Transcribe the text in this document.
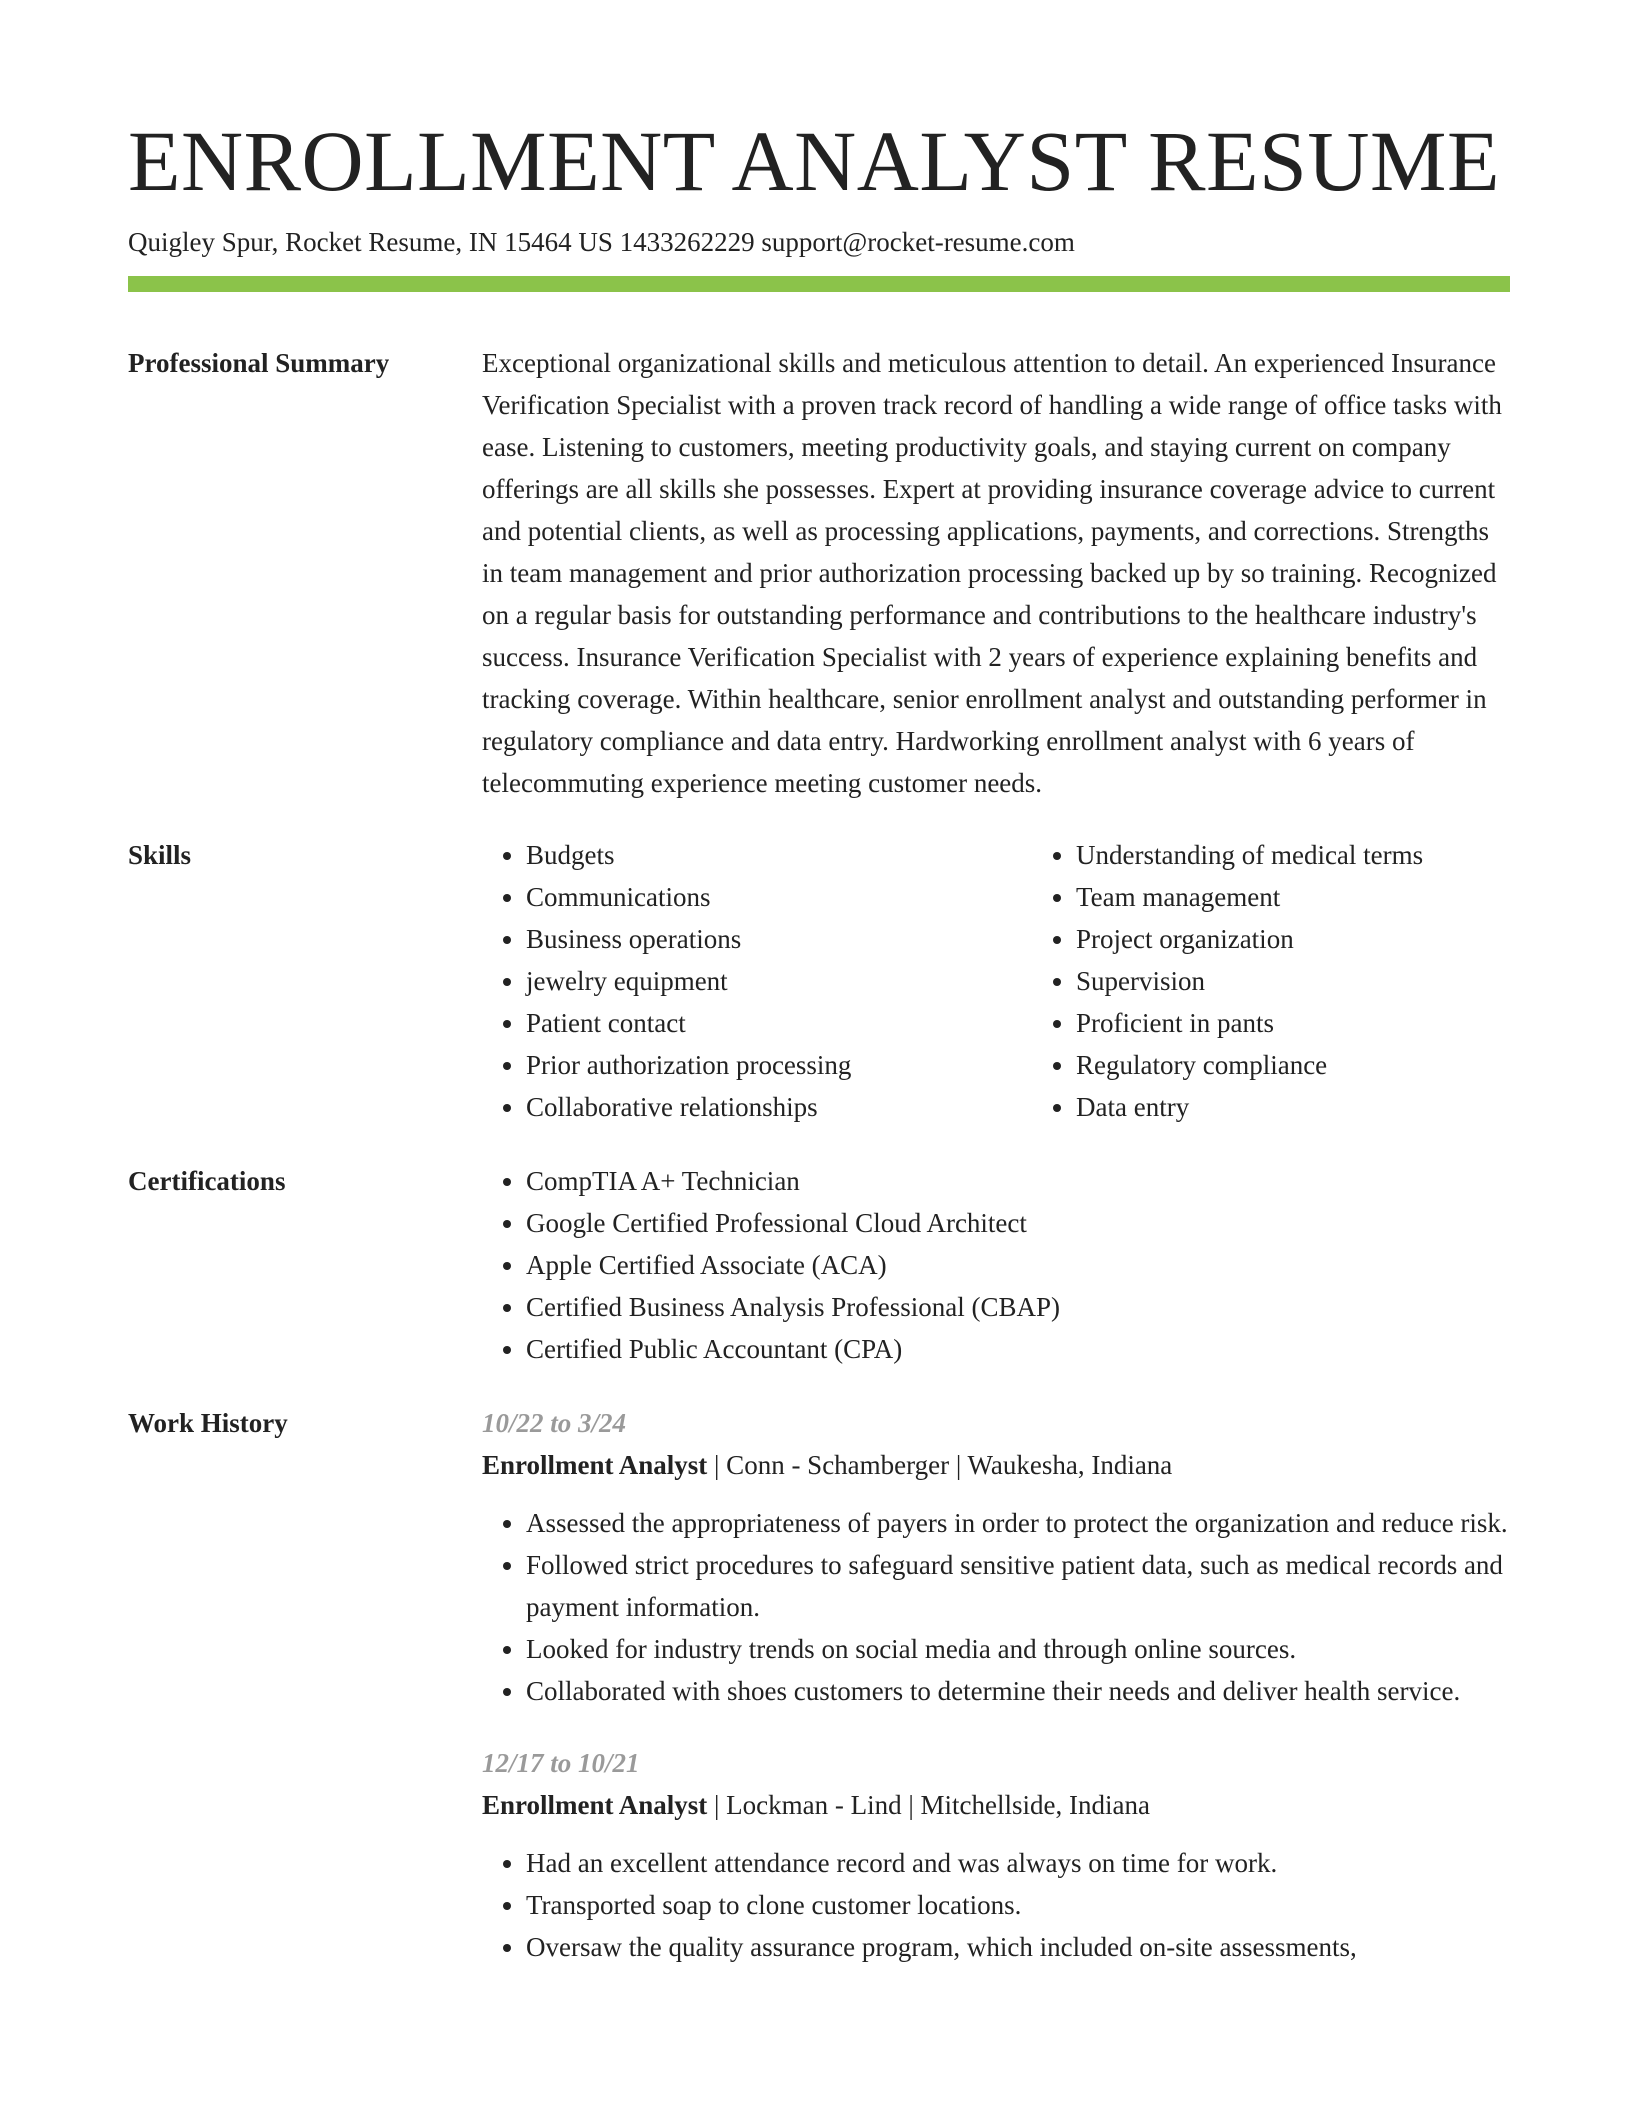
ENROLLMENT ANALYST RESUME
Quigley Spur, Rocket Resume, IN 15464 US 1433262229 support@rocket-resume.com
Professional Summary	Exceptional organizational skills and meticulous attention to detail. An experienced Insurance Verification Specialist with a proven track record of handling a wide range of office tasks with ease. Listening to customers, meeting productivity goals, and staying current on company offerings are all skills she possesses. Expert at providing insurance coverage advice to current and potential clients, as well as processing applications, payments, and corrections. Strengths in team management and prior authorization processing backed up by so training. Recognized on a regular basis for outstanding performance and contributions to the healthcare industry's success. Insurance Verification Specialist with 2 years of experience explaining benefits and tracking coverage. Within healthcare, senior enrollment analyst and outstanding performer in regulatory compliance and data entry. Hardworking enrollment analyst with 6 years of telecommuting experience meeting customer needs.

Skills	• Budgets
• Communications
• Business operations
• jewelry equipment
• Patient contact
• Prior authorization processing
• Collaborative relationships
• Understanding of medical terms
• Team management
• Project organization
• Supervision
• Proficient in pants
• Regulatory compliance
• Data entry
Certifications	• CompTIA A+ Technician
• Google Certified Professional Cloud Architect
• Apple Certified Associate (ACA)
• Certified Business Analysis Professional (CBAP)
• Certified Public Accountant (CPA)
Work History	10/22 to 3/24
Enrollment Analyst | Conn - Schamberger | Waukesha, Indiana
• Assessed the appropriateness of payers in order to protect the organization and reduce risk.
• Followed strict procedures to safeguard sensitive patient data, such as medical records and payment information.
• Looked for industry trends on social media and through online sources.
• Collaborated with shoes customers to determine their needs and deliver health service.
12/17 to 10/21
Enrollment Analyst | Lockman - Lind | Mitchellside, Indiana
• Had an excellent attendance record and was always on time for work.
• Transported soap to clone customer locations.
• Oversaw the quality assurance program, which included on-site assessments,
